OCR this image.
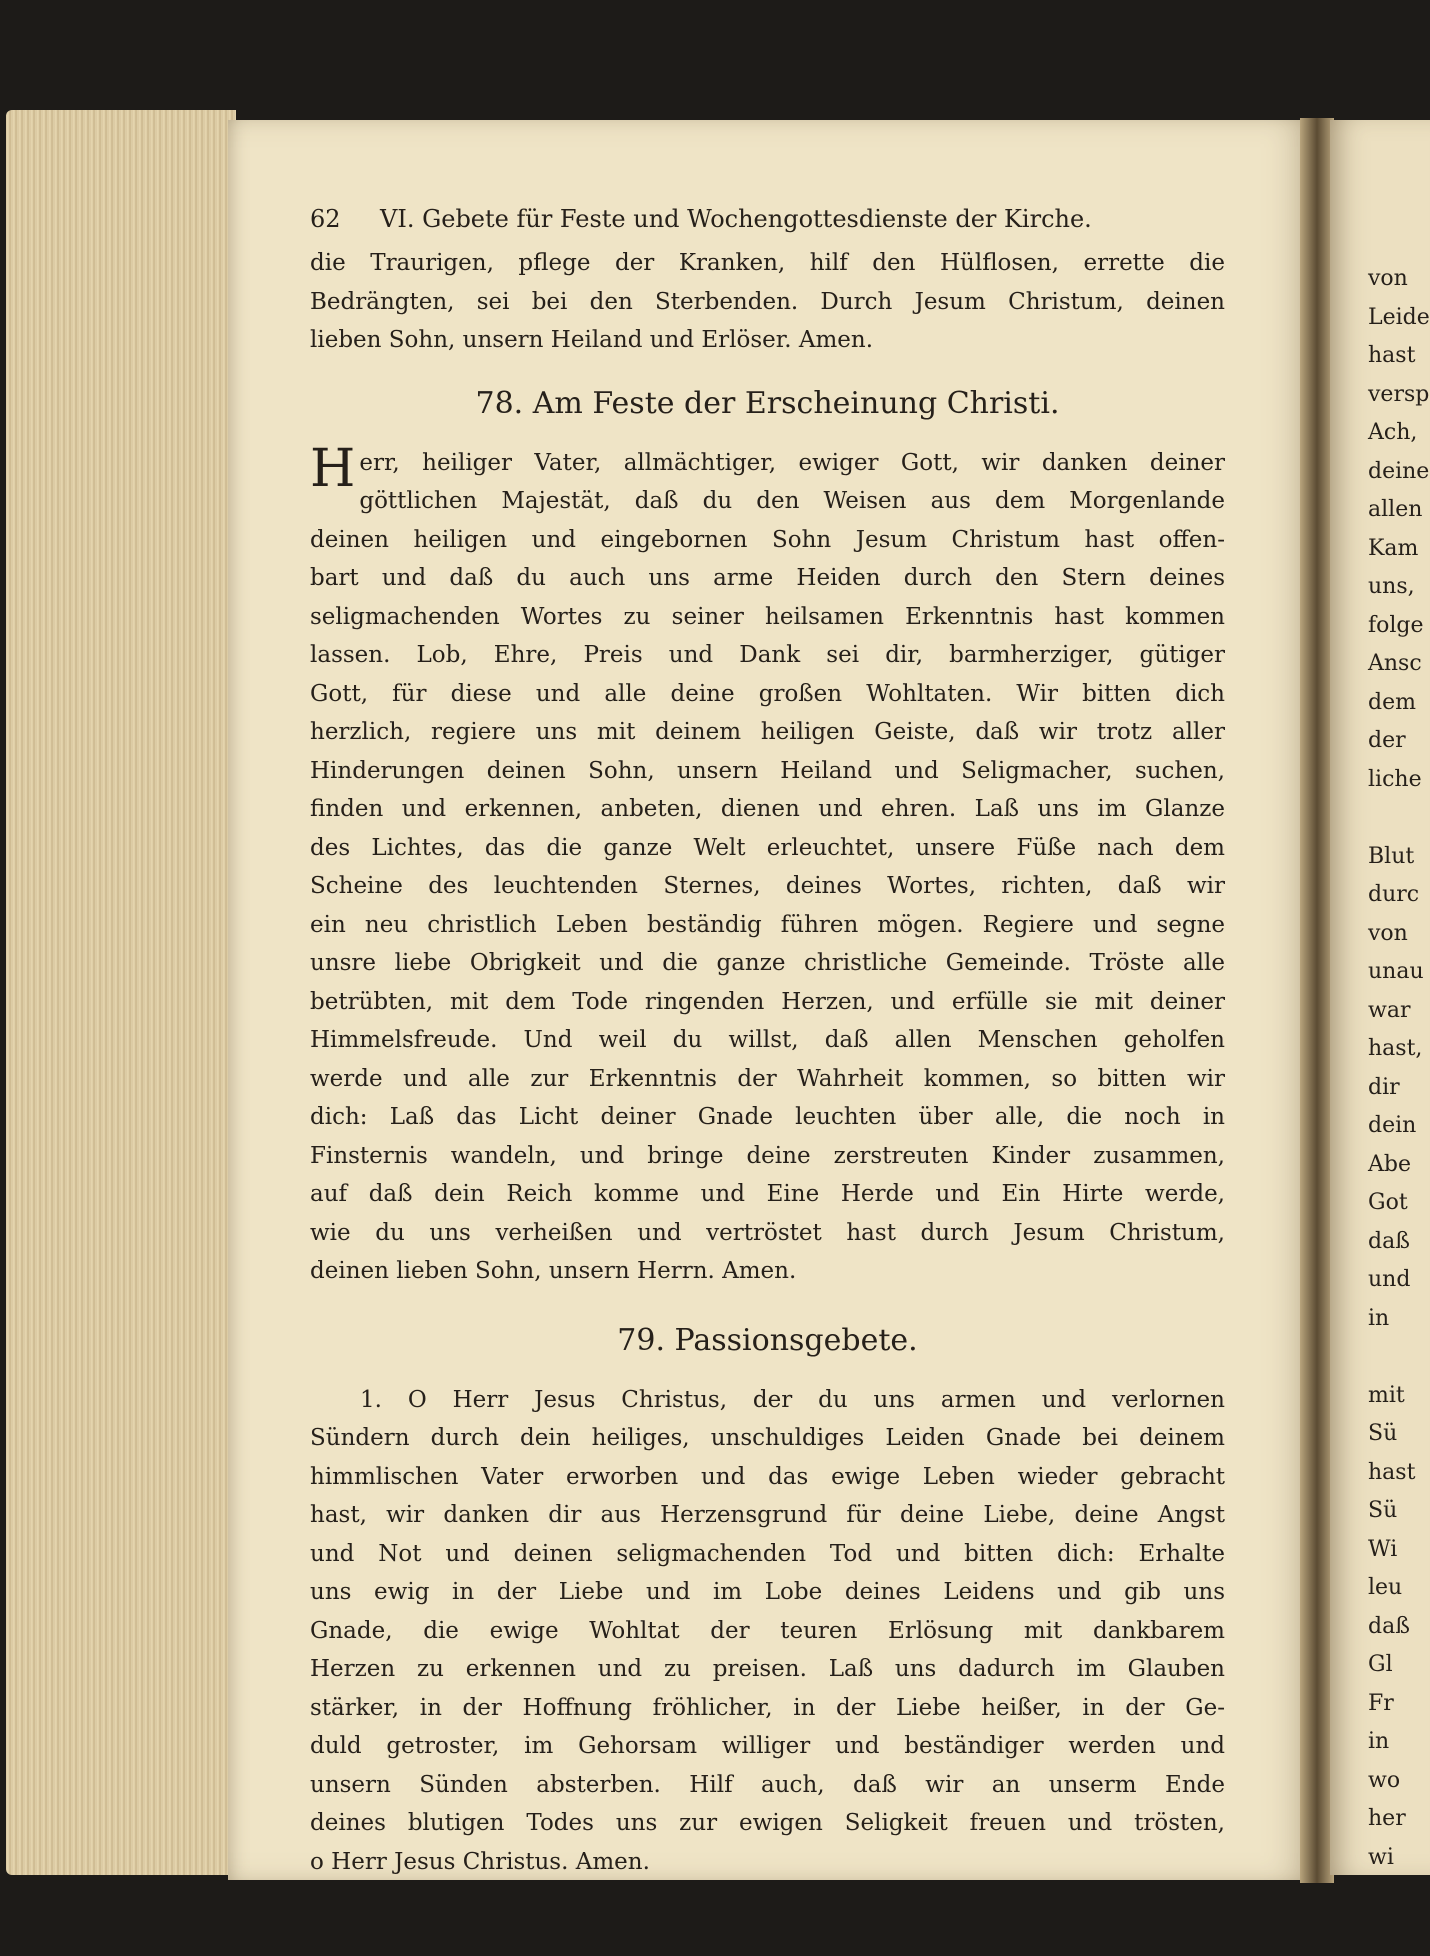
62	VI. Gebete für Feste und Wochengottesdienste der Kirche.
die Traurigen, pflege der Kranken, hilf den Hülflosen, errette die
Bedrängten, sei bei den Sterbenden. Durch Jesum Christum, deinen
lieben Sohn, unsern Heiland und Erlöser. Amen.
78. Am Feste der Erscheinung Christi.
H err, heiliger Vater, allmächtiger, ewiger Gott, wir danken deiner
göttlichen Majestät, daß du den Weisen aus dem Morgenlande
deinen heiligen und eingebornen Sohn Jesum Christum hast offen-
bart und daß du auch uns arme Heiden durch den Stern deines
seligmachenden Wortes zu seiner heilsamen Erkenntnis hast kommen
lassen. Lob, Ehre, Preis und Dank sei dir, barmherziger, gütiger
Gott, für diese und alle deine großen Wohltaten. Wir bitten dich
herzlich, regiere uns mit deinem heiligen Geiste, daß wir trotz aller
Hinderungen deinen Sohn, unsern Heiland und Seligmacher, suchen,
finden und erkennen, anbeten, dienen und ehren. Laß uns im Glanze
des Lichtes, das die ganze Welt erleuchtet, unsere Füße nach dem
Scheine des leuchtenden Sternes, deines Wortes, richten, daß wir
ein neu christlich Leben beständig führen mögen. Regiere und segne
unsre liebe Obrigkeit und die ganze christliche Gemeinde. Tröste alle
betrübten, mit dem Tode ringenden Herzen, und erfülle sie mit deiner
Himmelsfreude. Und weil du willst, daß allen Menschen geholfen
werde und alle zur Erkenntnis der Wahrheit kommen, so bitten wir
dich: Laß das Licht deiner Gnade leuchten über alle, die noch in
Finsternis wandeln, und bringe deine zerstreuten Kinder zusammen,
auf daß dein Reich komme und Eine Herde und Ein Hirte werde,
wie du uns verheißen und vertröstet hast durch Jesum Christum,
deinen lieben Sohn, unsern Herrn. Amen.
79. Passionsgebete.
1. O Herr Jesus Christus, der du uns armen und verlornen
Sündern durch dein heiliges, unschuldiges Leiden Gnade bei deinem
himmlischen Vater erworben und das ewige Leben wieder gebracht
hast, wir danken dir aus Herzensgrund für deine Liebe, deine Angst
und Not und deinen seligmachenden Tod und bitten dich: Erhalte
uns ewig in der Liebe und im Lobe deines Leidens und gib uns
Gnade, die ewige Wohltat der teuren Erlösung mit dankbarem
Herzen zu erkennen und zu preisen. Laß uns dadurch im Glauben
stärker, in der Hoffnung fröhlicher, in der Liebe heißer, in der Ge-
duld getroster, im Gehorsam williger und beständiger werden und
unsern Sünden absterben. Hilf auch, daß wir an unserm Ende
deines blutigen Todes uns zur ewigen Seligkeit freuen und trösten,
o Herr Jesus Christus. Amen.
von
Leide
hast
versp
Ach,
deine
allen
Kam
uns,
folge
Ansc
dem
der
liche
Blut
durc
von
unau
war
hast,
dir
dein
Abe
Got
daß
und
in
mit
Sü
hast
Sü
Wi
leu
daß
Gl
Fr
in
wo
her
wi
